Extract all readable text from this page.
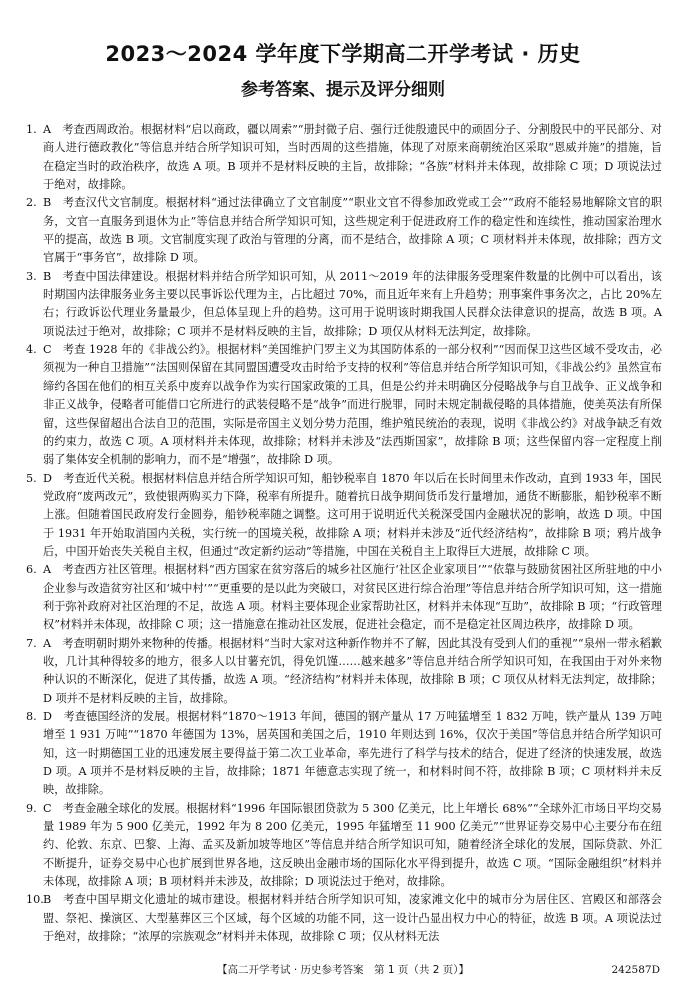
2023～2024 学年度下学期高二开学考试 · 历史
参考答案、提示及评分细则
1. A　考查西周政治。根据材料“启以商政，疆以周索”“册封微子启、强行迁徙殷遗民中的顽固分子、分割殷民中的平民部分、对商人进行德政教化”等信息并结合所学知识可知，当时西周的这些措施，体现了对原来商朝统治区采取“恩威并施”的措施，旨在稳定当时的政治秩序，故选 A 项。B 项并不是材料反映的主旨，故排除；“各族”材料并未体现，故排除 C 项；D 项说法过于绝对，故排除。
2. B　考查汉代文官制度。根据材料“通过法律确立了文官制度”“职业文官不得参加政党或工会”“政府不能轻易地解除文官的职务，文官一直服务到退休为止”等信息并结合所学知识可知，这些规定利于促进政府工作的稳定性和连续性，推动国家治理水平的提高，故选 B 项。文官制度实现了政治与管理的分离，而不是结合，故排除 A 项；C 项材料并未体现，故排除；西方文官属于“事务官”，故排除 D 项。
3. B　考查中国法律建设。根据材料并结合所学知识可知，从 2011～2019 年的法律服务受理案件数量的比例中可以看出，该时期国内法律服务业务主要以民事诉讼代理为主，占比超过 70%，而且近年来有上升趋势；刑事案件事务次之，占比 20%左右；行政诉讼代理业务量最少，但总体呈现上升的趋势。这可用于说明该时期我国人民群众法律意识的提高，故选 B 项。A 项说法过于绝对，故排除；C 项并不是材料反映的主旨，故排除；D 项仅从材料无法判定，故排除。
4. C　考查 1928 年的《非战公约》。根据材料“美国维护门罗主义为其国防体系的一部分权利”“因而保卫这些区域不受攻击，必须视为一种自卫措施”“法国则保留在其同盟国遭受攻击时给予支持的权利”等信息并结合所学知识可知，《非战公约》虽然宣布缔约各国在他们的相互关系中废弃以战争作为实行国家政策的工具，但是公约并未明确区分侵略战争与自卫战争、正义战争和非正义战争，侵略者可能借口它所进行的武装侵略不是“战争”而进行脱罪，同时未规定制裁侵略的具体措施，使美英法有所保留，这些保留超出合法自卫的范围，实际是帝国主义划分势力范围，维护殖民统治的表现，说明《非战公约》对战争缺乏有效的约束力，故选 C 项。A 项材料并未体现，故排除；材料并未涉及“法西斯国家”，故排除 B 项；这些保留内容一定程度上削弱了集体安全机制的影响力，而不是“增强”，故排除 D 项。
5. D　考查近代关税。根据材料信息并结合所学知识可知，船钞税率自 1870 年以后在长时间里未作改动，直到 1933 年，国民党政府“废两改元”，致使银两购买力下降，税率有所提升。随着抗日战争期间货币发行量增加，通货不断膨胀，船钞税率不断上涨。但随着国民政府发行金圆券，船钞税率随之调整。这可用于说明近代关税深受国内金融状况的影响，故选 D 项。中国于 1931 年开始取消国内关税，实行统一的国境关税，故排除 A 项；材料并未涉及“近代经济结构”，故排除 B 项；鸦片战争后，中国开始丧失关税自主权，但通过“改定新约运动”等措施，中国在关税自主上取得巨大进展，故排除 C 项。
6. A　考查西方社区管理。根据材料“西方国家在贫穷落后的城乡社区施行‘社区企业家项目’”“依靠与鼓励贫困社区所驻地的中小企业参与改造贫穷社区和‘城中村’”“更重要的是以此为突破口，对贫民区进行综合治理”等信息并结合所学知识可知，这一措施利于弥补政府对社区治理的不足，故选 A 项。材料主要体现企业家帮助社区，材料并未体现“互助”，故排除 B 项；“行政管理权”材料并未体现，故排除 C 项；这一措施意在推动社区发展，促进社会稳定，而不是稳定社区周边秩序，故排除 D 项。
7. A　考查明朝时期外来物种的传播。根据材料“当时大家对这种新作物并不了解，因此其没有受到人们的重视”“泉州一带永稻歉收，几计其种得较多的地方，很多人以甘薯充饥，得免饥馑……越来越多”等信息并结合所学知识可知，在我国由于对外来物种认识的不断深化，促进了其传播，故选 A 项。“经济结构”材料并未体现，故排除 B 项；C 项仅从材料无法判定，故排除；D 项并不是材料反映的主旨，故排除。
8. D　考查德国经济的发展。根据材料“1870～1913 年间，德国的钢产量从 17 万吨猛增至 1 832 万吨，铁产量从 139 万吨增至 1 931 万吨”“1870 年德国为 13%，居英国和美国之后，1910 年则达到 16%，仅次于美国”等信息并结合所学知识可知，这一时期德国工业的迅速发展主要得益于第二次工业革命，率先进行了科学与技术的结合，促进了经济的快速发展，故选 D 项。A 项并不是材料反映的主旨，故排除；1871 年德意志实现了统一，和材料时间不符，故排除 B 项；C 项材料并未反映，故排除。
9. C　考查金融全球化的发展。根据材料“1996 年国际银团贷款为 5 300 亿美元，比上年增长 68%”“全球外汇市场日平均交易量 1989 年为 5 900 亿美元，1992 年为 8 200 亿美元，1995 年猛增至 11 900 亿美元”“世界证券交易中心主要分布在纽约、伦敦、东京、巴黎、上海、孟买及新加坡等地区”等信息并结合所学知识可知，随着经济全球化的发展，国际贷款、外汇不断提升，证券交易中心也扩展到世界各地，这反映出金融市场的国际化水平得到提升，故选 C 项。“国际金融组织”材料并未体现，故排除 A 项；B 项材料并未涉及，故排除；D 项说法过于绝对，故排除。
10. B　考查中国早期文化遗址的城市建设。根据材料并结合所学知识可知，凌家滩文化中的城市分为居住区、宫殿区和部落会盟、祭祀、操演区、大型墓葬区三个区域，每个区域的功能不同，这一设计凸显出权力中心的特征，故选 B 项。A 项说法过于绝对，故排除；“浓厚的宗族观念”材料并未体现，故排除 C 项；仅从材料无法
【高二开学考试 · 历史参考答案　第 1 页（共 2 页）】	242587D
